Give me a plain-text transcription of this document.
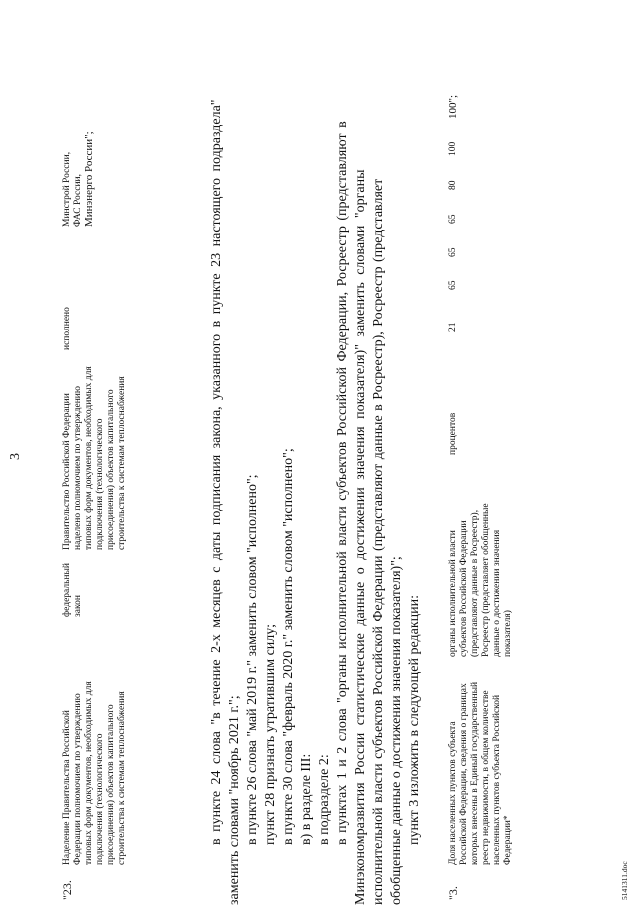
3
"23.
Наделение Правительства Российской Федерации полномочием по утверждению типовых форм документов, необходимых для подключения (технологического присоединения) объектов капитального строительства к системам теплоснабжения
федеральный закон
Правительство Российской Федерации наделено полномочием по утверждению типовых форм документов, необходимых для подключения (технологического присоединения) объектов капитального строительства к системам теплоснабжения
исполнено
Минстрой России, ФАС России, Минэнерго России";	в пункте 24 слова "в течение 2-х месяцев с даты подписания закона, указанного в пункте 23 настоящего подраздела" заменить словами "ноябрь 2021 г."; в пункте 26 слова "май 2019 г." заменить словом "исполнено"; пункт 28 признать утратившим силу; в пункте 30 слова "февраль 2020 г." заменить словом "исполнено"; в) в разделе III: в подразделе 2: в пунктах 1 и 2 слова "органы исполнительной власти субъектов Российской Федерации, Росреестр (представляют в Минэкономразвития России статистические данные о достижении значения показателя)" заменить словами "органы исполнительной власти субъектов Российской Федерации (представляют данные в Росреестр), Росреестр (представляет обобщенные данные о достижении значения показателя)"; пункт 3 изложить в следующей редакции:
"3.
Доля населенных пунктов субъекта Российской Федерации, сведения о границах которых внесены в Единый государственный реестр недвижимости, в общем количестве населенных пунктов субъекта Российской Федерации*
органы исполнительной власти субъектов Российской Федерации (представляют данные в Росреестр), Росреестр (представляет обобщенные данные о достижении значения показателя)
процентов
21
65
65
65
80
100
100";
5141311.doc
